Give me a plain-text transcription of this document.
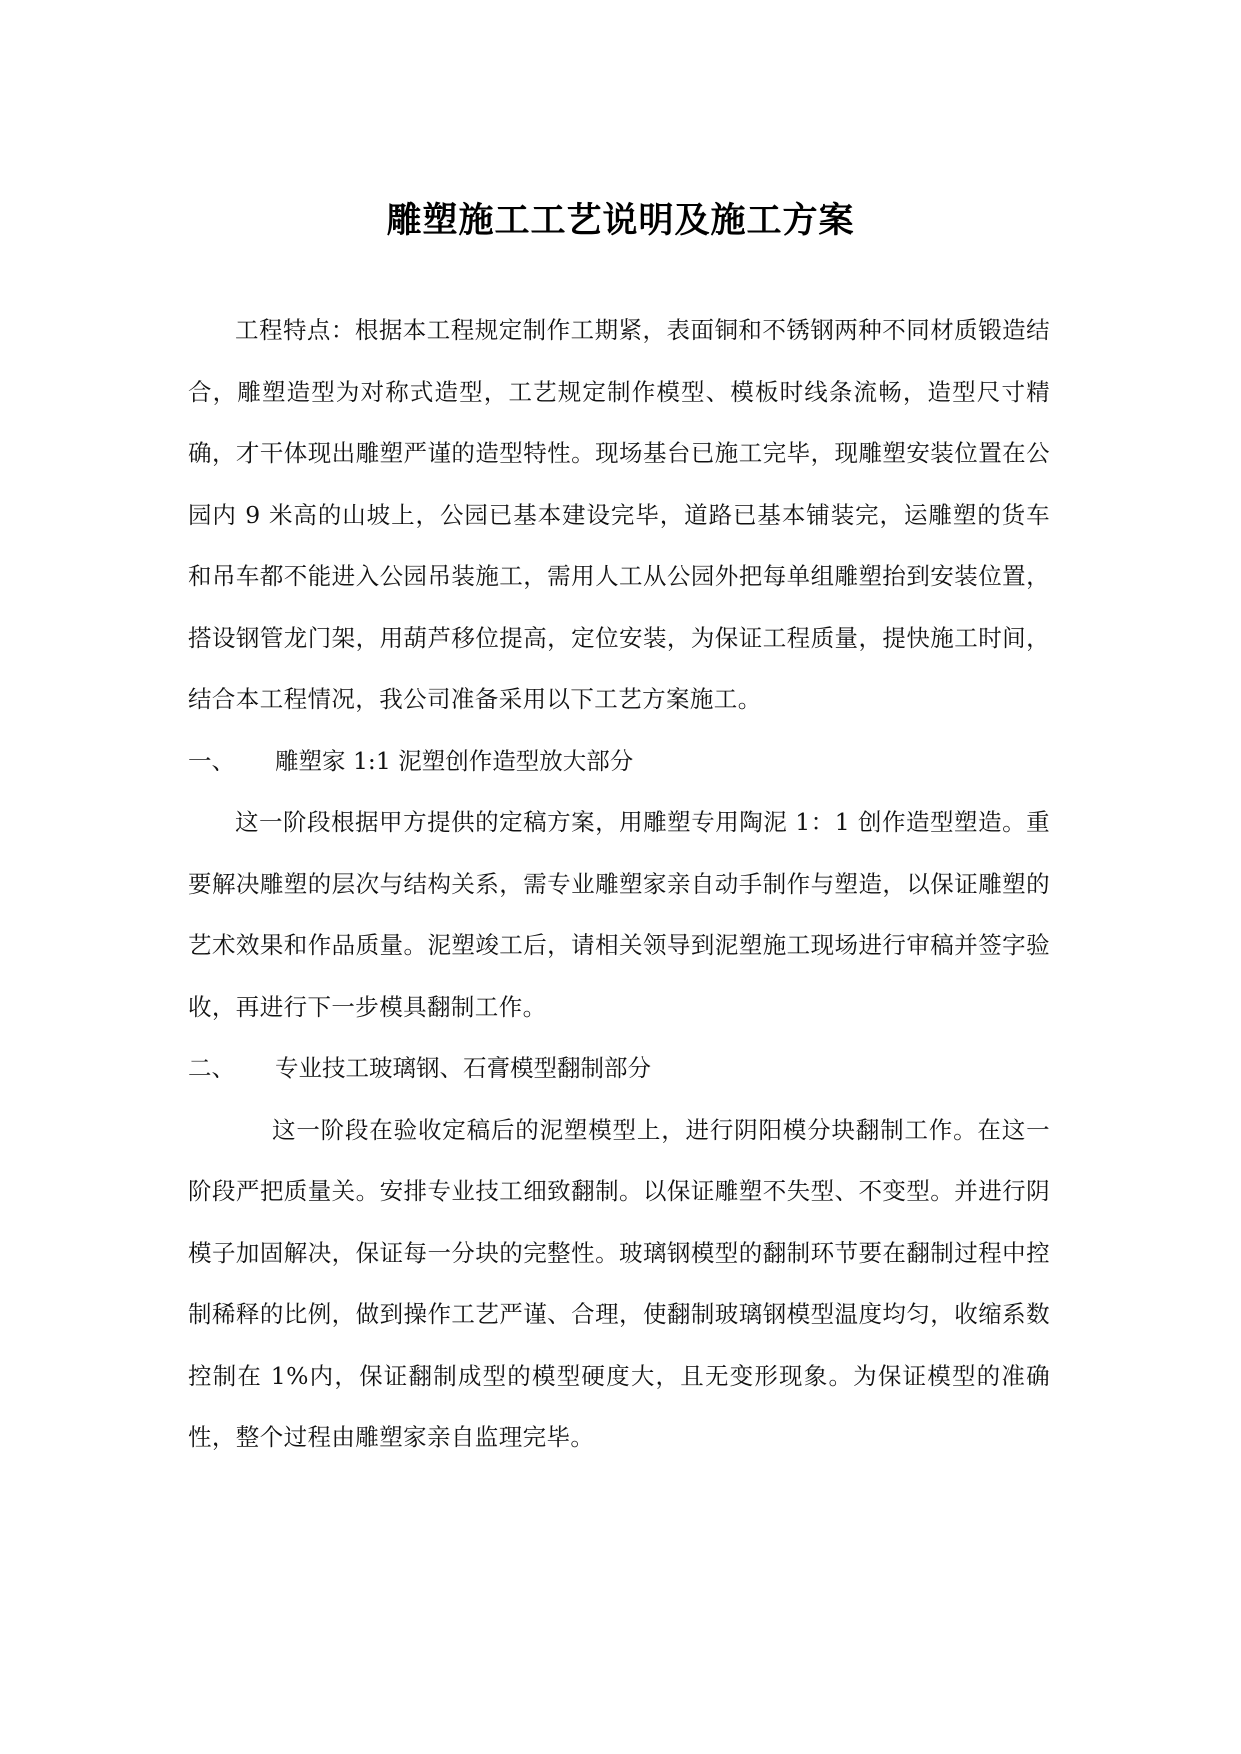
雕塑施工工艺说明及施工方案

工程特点：根据本工程规定制作工期紧，表面铜和不锈钢两种不同材质锻造结合，雕塑造型为对称式造型，工艺规定制作模型、模板时线条流畅，造型尺寸精确，才干体现出雕塑严谨的造型特性。现场基台已施工完毕，现雕塑安装位置在公园内 9 米高的山坡上，公园已基本建设完毕，道路已基本铺装完，运雕塑的货车和吊车都不能进入公园吊装施工，需用人工从公园外把每单组雕塑抬到安装位置，搭设钢管龙门架，用葫芦移位提高，定位安装，为保证工程质量，提快施工时间，结合本工程情况，我公司准备采用以下工艺方案施工。

一、	雕塑家 1:1 泥塑创作造型放大部分

这一阶段根据甲方提供的定稿方案，用雕塑专用陶泥 1：1 创作造型塑造。重要解决雕塑的层次与结构关系，需专业雕塑家亲自动手制作与塑造，以保证雕塑的艺术效果和作品质量。泥塑竣工后，请相关领导到泥塑施工现场进行审稿并签字验收，再进行下一步模具翻制工作。

二、	专业技工玻璃钢、石膏模型翻制部分

这一阶段在验收定稿后的泥塑模型上，进行阴阳模分块翻制工作。在这一阶段严把质量关。安排专业技工细致翻制。以保证雕塑不失型、不变型。并进行阴模子加固解决，保证每一分块的完整性。玻璃钢模型的翻制环节要在翻制过程中控制稀释的比例，做到操作工艺严谨、合理，使翻制玻璃钢模型温度均匀，收缩系数控制在 1%内，保证翻制成型的模型硬度大，且无变形现象。为保证模型的准确性，整个过程由雕塑家亲自监理完毕。
